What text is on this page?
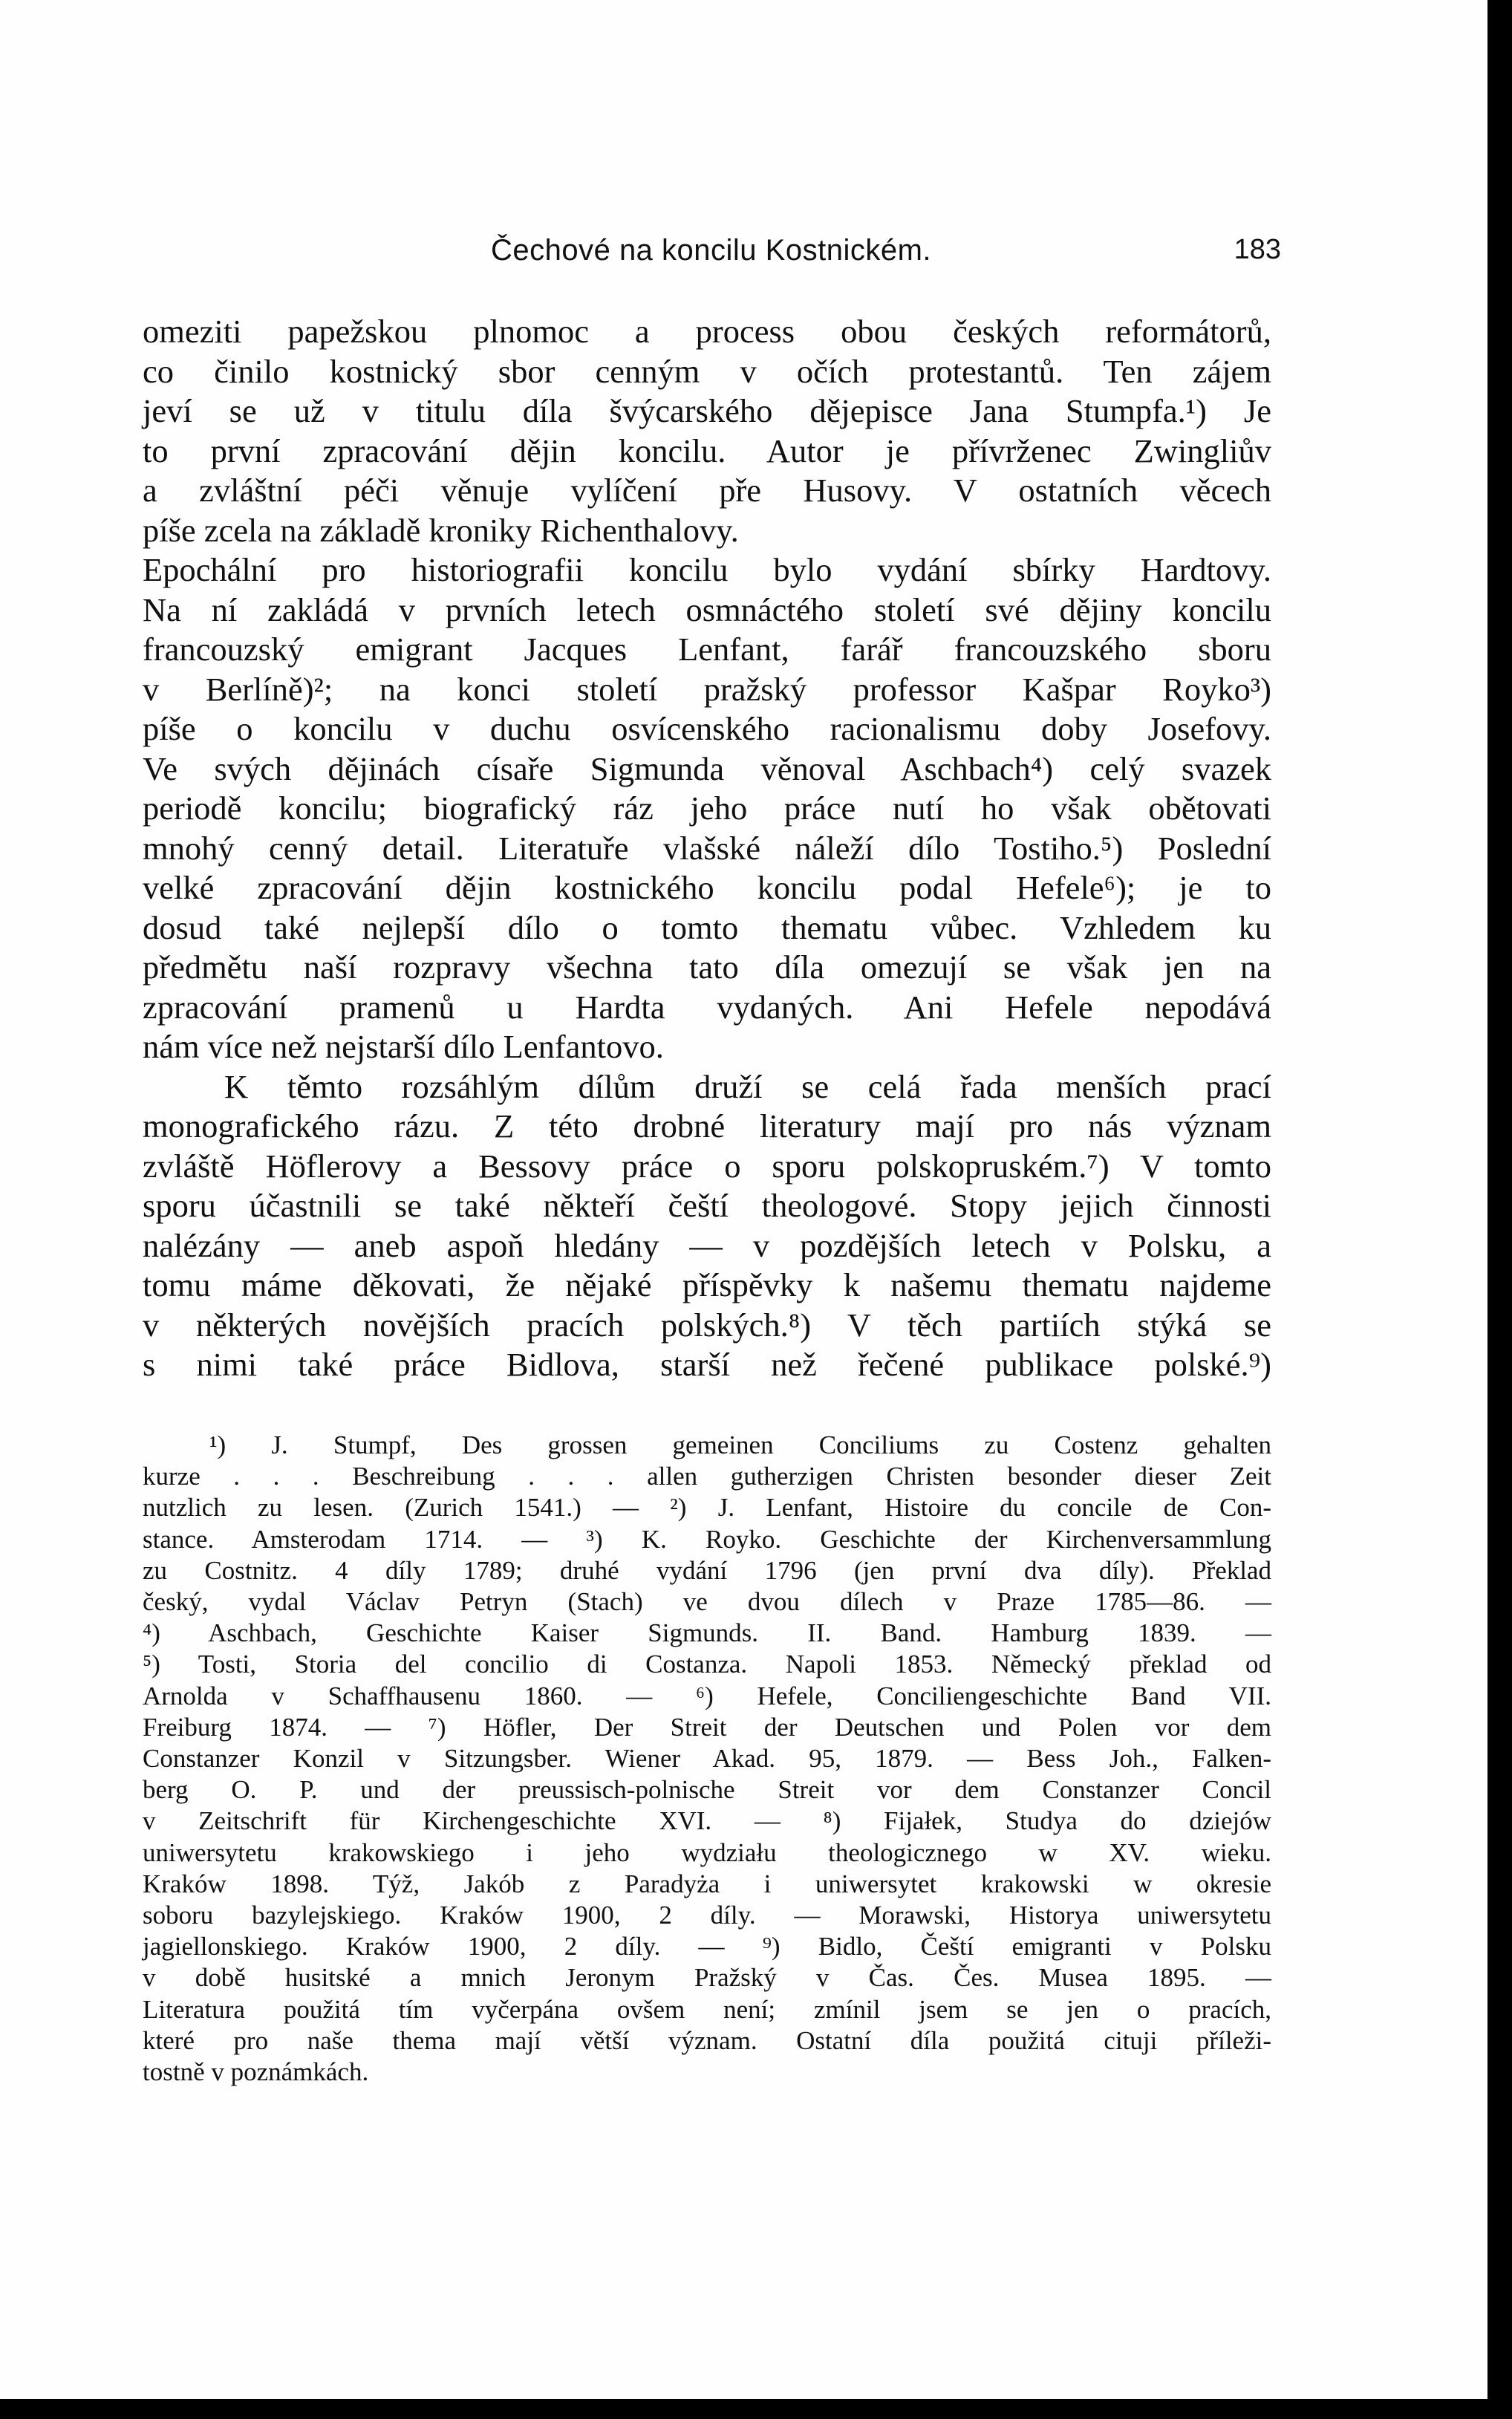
Čechové na koncilu Kostnickém.	183
omeziti papežskou plnomoc a process obou českých reformátorů,
co činilo kostnický sbor cenným v očích protestantů. Ten zájem
jeví se už v titulu díla švýcarského dějepisce Jana Stumpfa.¹) Je
to první zpracování dějin koncilu. Autor je přívrženec Zwingliův
a zvláštní péči věnuje vylíčení pře Husovy. V ostatních věcech
píše zcela na základě kroniky Richenthalovy.
Epochální pro historiografii koncilu bylo vydání sbírky Hardtovy.
Na ní zakládá v prvních letech osmnáctého století své dějiny koncilu
francouzský emigrant Jacques Lenfant, farář francouzského sboru
v Berlíně)²; na konci století pražský professor Kašpar Royko³)
píše o koncilu v duchu osvícenského racionalismu doby Josefovy.
Ve svých dějinách císaře Sigmunda věnoval Aschbach⁴) celý svazek
periodě koncilu; biografický ráz jeho práce nutí ho však obětovati
mnohý cenný detail. Literatuře vlašské náleží dílo Tostiho.⁵) Poslední
velké zpracování dějin kostnického koncilu podal Hefele⁶); je to
dosud také nejlepší dílo o tomto thematu vůbec. Vzhledem ku
předmětu naší rozpravy všechna tato díla omezují se však jen na
zpracování pramenů u Hardta vydaných. Ani Hefele nepodává
nám více než nejstarší dílo Lenfantovo.
K těmto rozsáhlým dílům druží se celá řada menších prací
monografického rázu. Z této drobné literatury mají pro nás význam
zvláště Höflerovy a Bessovy práce o sporu polskopruském.⁷) V tomto
sporu účastnili se také někteří čeští theologové. Stopy jejich činnosti
nalézány — aneb aspoň hledány — v pozdějších letech v Polsku, a
tomu máme děkovati, že nějaké příspěvky k našemu thematu najdeme
v některých novějších pracích polských.⁸) V těch partiích stýká se
s nimi také práce Bidlova, starší než řečené publikace polské.⁹)
¹) J. Stumpf, Des grossen gemeinen Conciliums zu Costenz gehalten
kurze . . . Beschreibung . . . allen gutherzigen Christen besonder dieser Zeit
nutzlich zu lesen. (Zurich 1541.) — ²) J. Lenfant, Histoire du concile de Con-
stance. Amsterodam 1714. — ³) K. Royko. Geschichte der Kirchenversammlung
zu Costnitz. 4 díly 1789; druhé vydání 1796 (jen první dva díly). Překlad
český, vydal Václav Petryn (Stach) ve dvou dílech v Praze 1785—86. —
⁴) Aschbach, Geschichte Kaiser Sigmunds. II. Band. Hamburg 1839. —
⁵) Tosti, Storia del concilio di Costanza. Napoli 1853. Německý překlad od
Arnolda v Schaffhausenu 1860. — ⁶) Hefele, Conciliengeschichte Band VII.
Freiburg 1874. — ⁷) Höfler, Der Streit der Deutschen und Polen vor dem
Constanzer Konzil v Sitzungsber. Wiener Akad. 95, 1879. — Bess Joh., Falken-
berg O. P. und der preussisch-polnische Streit vor dem Constanzer Concil
v Zeitschrift für Kirchengeschichte XVI. — ⁸) Fijałek, Studya do dziejów
uniwersytetu krakowskiego i jeho wydziału theologicznego w XV. wieku.
Kraków 1898. Týž, Jakób z Paradyża i uniwersytet krakowski w okresie
soboru bazylejskiego. Kraków 1900, 2 díly. — Morawski, Historya uniwersytetu
jagiellonskiego. Kraków 1900, 2 díly. — ⁹) Bidlo, Čeští emigranti v Polsku
v době husitské a mnich Jeronym Pražský v Čas. Čes. Musea 1895. —
Literatura použitá tím vyčerpána ovšem není; zmínil jsem se jen o pracích,
které pro naše thema mají větší význam. Ostatní díla použitá cituji příleži-
tostně v poznámkách.
